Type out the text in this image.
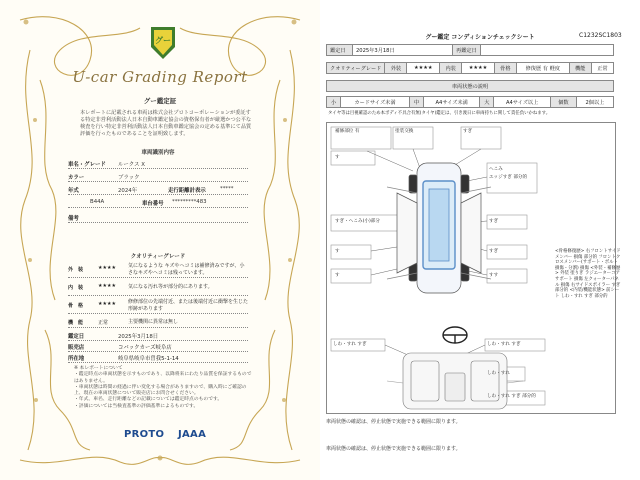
グー
U-car Grading Report
グー鑑定証
本レポートに記載される車両は株式会社プロトコーポレーションが委託する特定非営利活動法人日本自動車鑑定協会の資格保有者が厳選かつ公平な検査を行い特定非営利活動法人日本自動車鑑定協会の定める基準にて品質評価を行ったものであることを証明致します。
車両識別内容
車名・グレード ルークス X
カラー	ブラック
年式	2024年	走行距離計表示	*****
B44A	車台番号 *********483
備考
クオリティーグレード
外　装	★★★★ 気になるような キズやヘコミは補修済みですが、小さなキズやヘコミは残っています。
内　装	★★★★ 気になる汚れ等が部分的にあります。
骨　格	★★★★ 修修部位の先端付近、または後端付近に衝撃を生じた形跡があります
機　能	正常	主要機関に異常は無し
鑑定日	2025年3月18日
※ 本レポートについて
・鑑定時点の車両状態を示すものであり、以降将来にわたり品質を保証するものではありません。
・車両状態は時間の経過に伴い変化する場合がありますので、購入時にご確認の上、現在の車両状態について販売店にお問合せください。
・年式、車名、走行距離などの記載については鑑定時点のものです。
・評価については当検査基準の評価基準によるものです。
PROTO JAAA
販売店	コバックカーズ岐阜店
所在地	岐阜県岐阜市曽我5-1-14
グー鑑定 コンディションチェックシート	C1232SC1803
鑑定日	2025年3月18日	再鑑定日	
クオリティーグレード	外装	★★★★	内装	★★★★	骨格	修復歴 有 軽度	機能	正常
車両状態の説明
小	カードサイズ未満	中	A4サイズ未満	大	A4サイズ以上	個数	2個以上
タイヤ等は目視確認のため本ボディ不具合有無(タイヤ)鑑定は、引き渡日に車両持ちに関して責任負いかねます。
補修部位 有	塗装交換	すぎ
す
すぎ・へこみ(小)部分
す
す
へこみ
エッジすぎ 部分的
すぎ
すぎ
すす
しわ・すれ すぎ	しわ・すれ すぎ
しわ・すれ
しわ・すれ すぎ 部分的
<骨格修復歴> 右フロントサイドメンバー 損傷 部分的 フロントクロスメンバー(サポート・ボルト損傷・分割) 損傷 <外装・補修歴> 外装 塗りぎ ラジエーターコアサポート 損傷 左クォーターパネル 損傷 右サイドスポイラー すぎ 部分的 <内装/機能状態> 前シート しわ・すれ すぎ 部分的
車両状態の確認は、停止状態で実施できる範囲に限ります。
車両状態の確認は、停止状態で実施できる範囲に限ります。
